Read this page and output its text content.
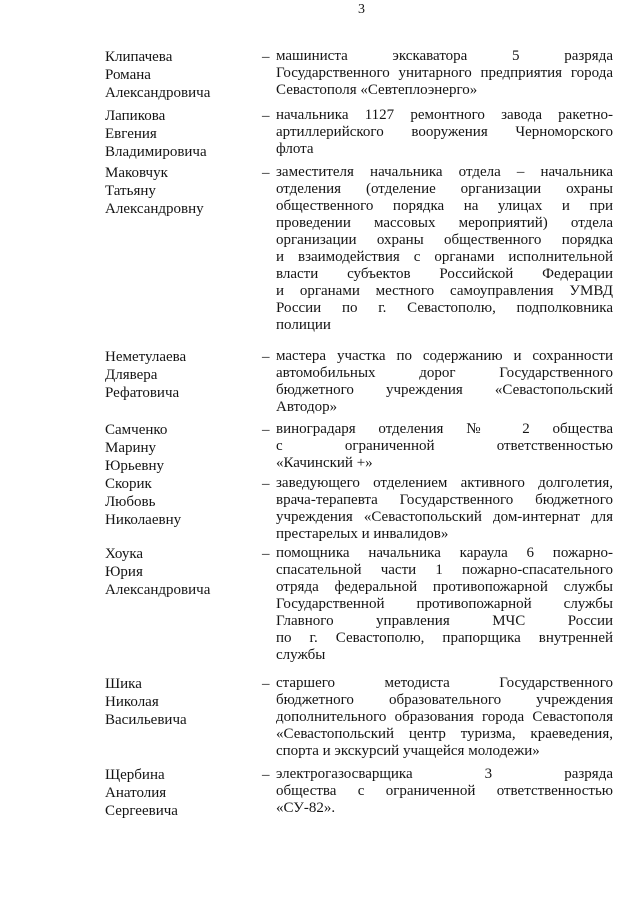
3
Клипачева
Романа
Александровича
– машиниста экскаватора 5 разряда
Государственного унитарного предприятия города
Севастополя «Севтеплоэнерго»
Лапикова
Евгения
Владимировича
– начальника 1127 ремонтного завода ракетно-
артиллерийского вооружения Черноморского
флота
Маковчук
Татьяну
Александровну
– заместителя начальника отдела – начальника
отделения (отделение организации охраны
общественного порядка на улицах и при
проведении массовых мероприятий) отдела
организации охраны общественного порядка
и взаимодействия с органами исполнительной
власти субъектов Российской Федерации
и органами местного самоуправления УМВД
России по г. Севастополю, подполковника
полиции
Неметулаева
Длявера
Рефатовича
– мастера участка по содержанию и сохранности
автомобильных дорог Государственного
бюджетного учреждения «Севастопольский
Автодор»
Самченко
Марину
Юрьевну
– виноградаря отделения № 2 общества
с ограниченной ответственностью
«Качинский +»
Скорик
Любовь
Николаевну
– заведующего отделением активного долголетия,
врача-терапевта Государственного бюджетного
учреждения «Севастопольский дом-интернат для
престарелых и инвалидов»
Хоука
Юрия
Александровича
– помощника начальника караула 6 пожарно-
спасательной части 1 пожарно-спасательного
отряда федеральной противопожарной службы
Государственной противопожарной службы
Главного управления МЧС России
по г. Севастополю, прапорщика внутренней
службы
Шика
Николая
Васильевича
– старшего методиста Государственного
бюджетного образовательного учреждения
дополнительного образования города Севастополя
«Севастопольский центр туризма, краеведения,
спорта и экскурсий учащейся молодежи»
Щербина
Анатолия
Сергеевича
– электрогазосварщика 3 разряда
общества с ограниченной ответственностью
«СУ-82».
